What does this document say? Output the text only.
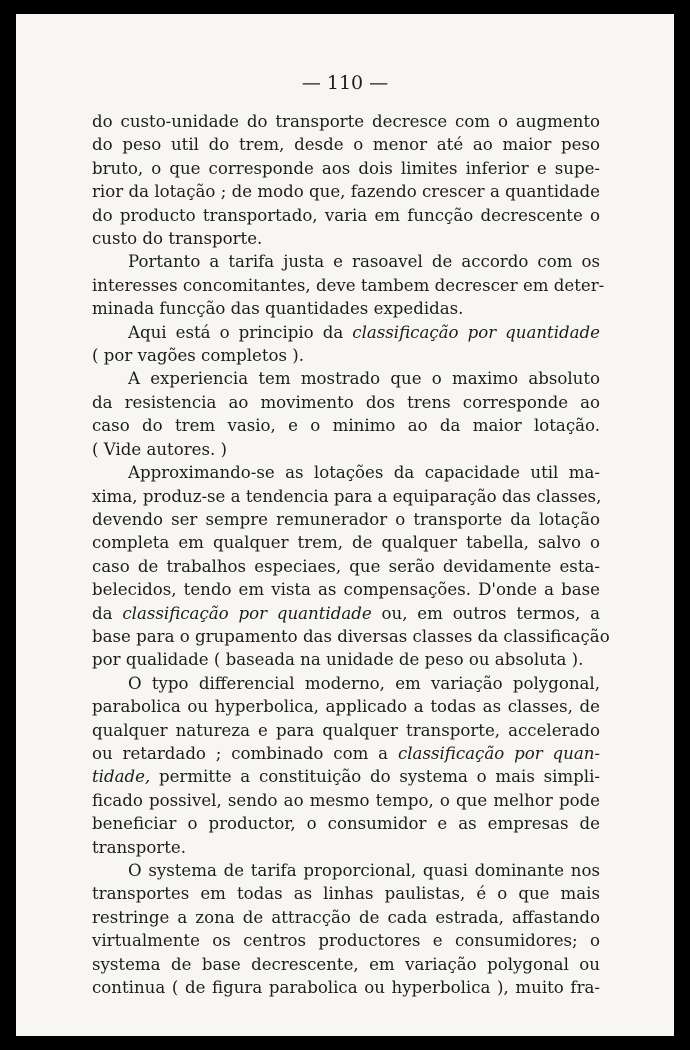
— 110 —

do custo-unidade do transporte decresce com o augmento
do peso util do trem, desde o menor até ao maior peso
bruto, o que corresponde aos dois limites inferior e supe-
rior da lotação ; de modo que, fazendo crescer a quantidade
do producto transportado, varia em funcção decrescente o
custo do transporte.

Portanto a tarifa justa e rasoavel de accordo com os
interesses concomitantes, deve tambem decrescer em deter-
minada funcção das quantidades expedidas.

Aqui está o principio da classificação por quantidade
( por vagões completos ).

A experiencia tem mostrado que o maximo absoluto
da resistencia ao movimento dos trens corresponde ao
caso do trem vasio, e o minimo ao da maior lotação.
( Vide autores. )

Approximando-se as lotações da capacidade util ma-
xima, produz-se a tendencia para a equiparação das classes,
devendo ser sempre remunerador o transporte da lotação
completa em qualquer trem, de qualquer tabella, salvo o
caso de trabalhos especiaes, que serão devidamente esta-
belecidos, tendo em vista as compensações. D'onde a base
da classificação por quantidade ou, em outros termos, a
base para o grupamento das diversas classes da classificação
por qualidade ( baseada na unidade de peso ou absoluta ).

O typo differencial moderno, em variação polygonal,
parabolica ou hyperbolica, applicado a todas as classes, de
qualquer natureza e para qualquer transporte, accelerado
ou retardado ; combinado com a classificação por quan-
tidade, permitte a constituição do systema o mais simpli-
ficado possivel, sendo ao mesmo tempo, o que melhor pode
beneficiar o productor, o consumidor e as empresas de
transporte.

O systema de tarifa proporcional, quasi dominante nos
transportes em todas as linhas paulistas, é o que mais
restringe a zona de attracção de cada estrada, affastando
virtualmente os centros productores e consumidores; o
systema de base decrescente, em variação polygonal ou
continua ( de figura parabolica ou hyperbolica ), muito fra-
